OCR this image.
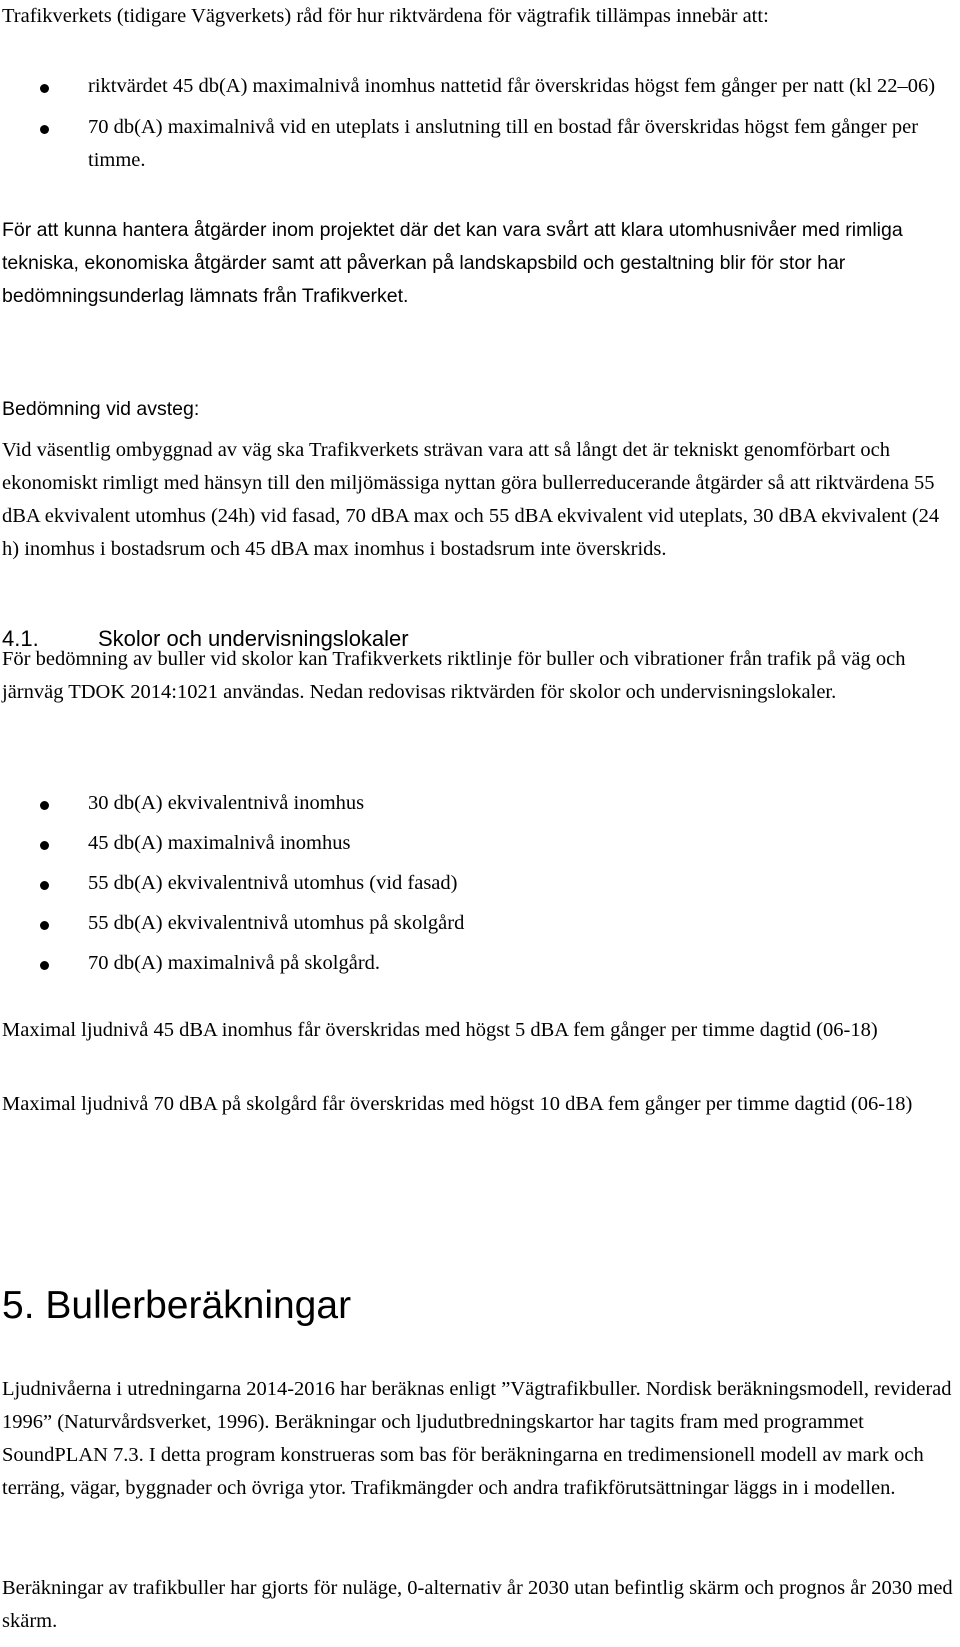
Trafikverkets (tidigare Vägverkets) råd för hur riktvärdena för vägtrafik tillämpas innebär att:

riktvärdet 45 db(A) maximalnivå inomhus nattetid får överskridas högst fem gånger per natt (kl 22–06)
70 db(A) maximalnivå vid en uteplats i anslutning till en bostad får överskridas högst fem gånger per timme.

För att kunna hantera åtgärder inom projektet där det kan vara svårt att klara utomhusnivåer med rimliga tekniska, ekonomiska åtgärder samt att påverkan på landskapsbild och gestaltning blir för stor har bedömningsunderlag lämnats från Trafikverket.

Bedömning vid avsteg:

Vid väsentlig ombyggnad av väg ska Trafikverkets strävan vara att så långt det är tekniskt genomförbart och ekonomiskt rimligt med hänsyn till den miljömässiga nyttan göra bullerreducerande åtgärder så att riktvärdena 55 dBA ekvivalent utomhus (24h) vid fasad, 70 dBA max och 55 dBA ekvivalent vid uteplats, 30 dBA ekvivalent (24 h) inomhus i bostadsrum och 45 dBA max inomhus i bostadsrum inte överskrids.

4.1.	Skolor och undervisningslokaler

För bedömning av buller vid skolor kan Trafikverkets riktlinje för buller och vibrationer från trafik på väg och järnväg TDOK 2014:1021 användas. Nedan redovisas riktvärden för skolor och undervisningslokaler.

30 db(A) ekvivalentnivå inomhus
45 db(A) maximalnivå inomhus
55 db(A) ekvivalentnivå utomhus (vid fasad)
55 db(A) ekvivalentnivå utomhus på skolgård
70 db(A) maximalnivå på skolgård.

Maximal ljudnivå 45 dBA inomhus får överskridas med högst 5 dBA fem gånger per timme dagtid (06-18)

Maximal ljudnivå 70 dBA på skolgård får överskridas med högst 10 dBA fem gånger per timme dagtid (06-18)

5. Bullerberäkningar

Ljudnivåerna i utredningarna 2014-2016 har beräknas enligt ”Vägtrafikbuller. Nordisk beräkningsmodell, reviderad 1996” (Naturvårdsverket, 1996). Beräkningar och ljudutbredningskartor har tagits fram med programmet SoundPLAN 7.3. I detta program konstrueras som bas för beräkningarna en tredimensionell modell av mark och terräng, vägar, byggnader och övriga ytor. Trafikmängder och andra trafikförutsättningar läggs in i modellen.

Beräkningar av trafikbuller har gjorts för nuläge, 0-alternativ år 2030 utan befintlig skärm och prognos år 2030 med skärm.
